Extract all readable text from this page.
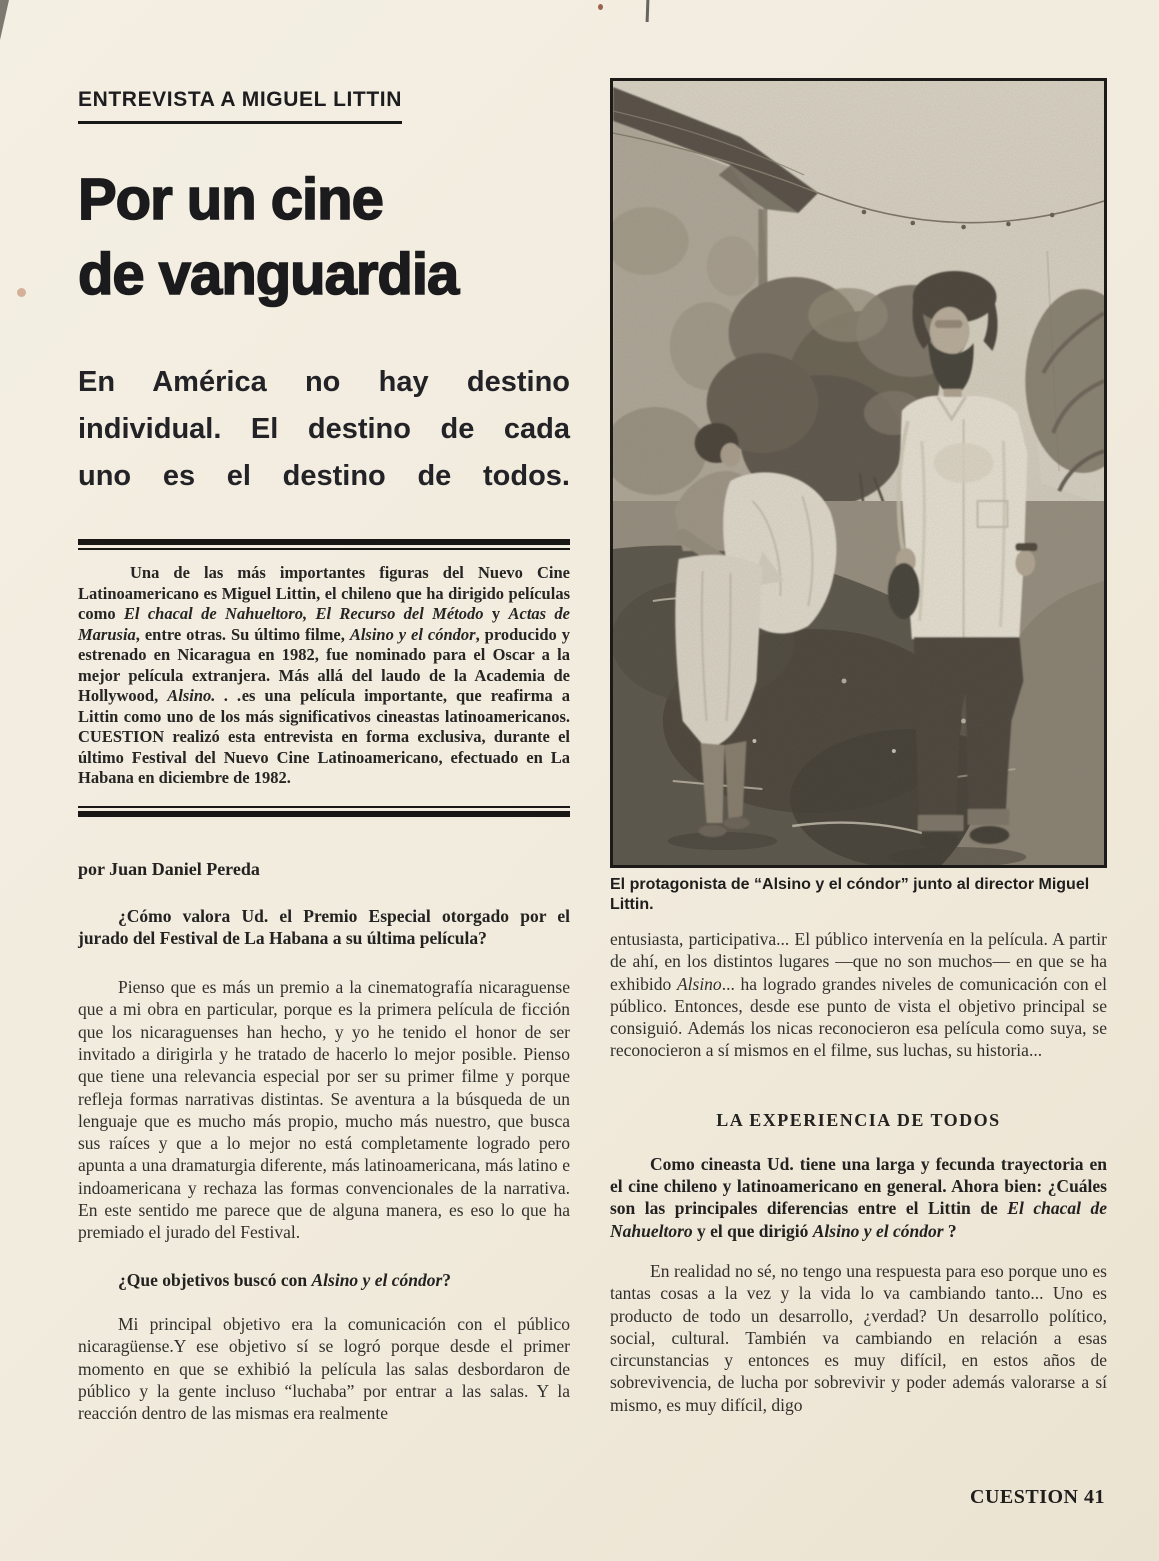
ENTREVISTA A MIGUEL LITTIN
Por un cine
de vanguardia
En América no hay destino
individual. El destino de cada
uno es el destino de todos.

Una de las más importantes figuras del Nuevo Cine Latinoamericano es Miguel Littin, el chileno que ha dirigido películas como El chacal de Nahueltoro, El Recurso del Método y Actas de Marusia, entre otras. Su último filme, Alsino y el cóndor, producido y estrenado en Nicaragua en 1982, fue nominado para el Oscar a la mejor película extranjera. Más allá del laudo de la Academia de Hollywood, Alsino. . .es una película importante, que reafirma a Littin como uno de los más significativos cineastas latinoamericanos. CUESTION realizó esta entrevista en forma exclusiva, durante el último Festival del Nuevo Cine Latinoamericano, efectuado en La Habana en diciembre de 1982.

por Juan Daniel Pereda

¿Cómo valora Ud. el Premio Especial otorgado por el jurado del Festival de La Habana a su última película?

Pienso que es más un premio a la cinematografía nicaraguense que a mi obra en particular, porque es la primera película de ficción que los nicaraguenses han hecho, y yo he tenido el honor de ser invitado a dirigirla y he tratado de hacerlo lo mejor posible. Pienso que tiene una relevancia especial por ser su primer filme y porque refleja formas narrativas distintas. Se aventura a la búsqueda de un lenguaje que es mucho más propio, mucho más nuestro, que busca sus raíces y que a lo mejor no está completamente logrado pero apunta a una dramaturgia diferente, más latinoamericana, más latino e indoamericana y rechaza las formas convencionales de la narrativa. En este sentido me parece que de alguna manera, es eso lo que ha premiado el jurado del Festival.

¿Que objetivos buscó con Alsino y el cóndor?

Mi principal objetivo era la comunicación con el público nicaragüense.Y ese objetivo sí se logró porque desde el primer momento en que se exhibió la película las salas desbordaron de público y la gente incluso “luchaba” por entrar a las salas. Y la reacción dentro de las mismas era realmente

El protagonista de “Alsino y el cóndor” junto al director Miguel Littin.

entusiasta, participativa... El público intervenía en la película. A partir de ahí, en los distintos lugares —que no son muchos— en que se ha exhibido Alsino... ha logrado grandes niveles de comunicación con el público. Entonces, desde ese punto de vista el objetivo principal se consiguió. Además los nicas reconocieron esa película como suya, se reconocieron a sí mismos en el filme, sus luchas, su historia...

LA EXPERIENCIA DE TODOS

Como cineasta Ud. tiene una larga y fecunda trayectoria en el cine chileno y latinoamericano en general. Ahora bien: ¿Cuáles son las principales diferencias entre el Littin de El chacal de Nahueltoro y el que dirigió Alsino y el cóndor ?

En realidad no sé, no tengo una respuesta para eso porque uno es tantas cosas a la vez y la vida lo va cambiando tanto... Uno es producto de todo un desarrollo, ¿verdad? Un desarrollo político, social, cultural. También va cambiando en relación a esas circunstancias y entonces es muy difícil, en estos años de sobrevivencia, de lucha por sobrevivir y poder además valorarse a sí mismo, es muy difícil, digo

CUESTION 41
